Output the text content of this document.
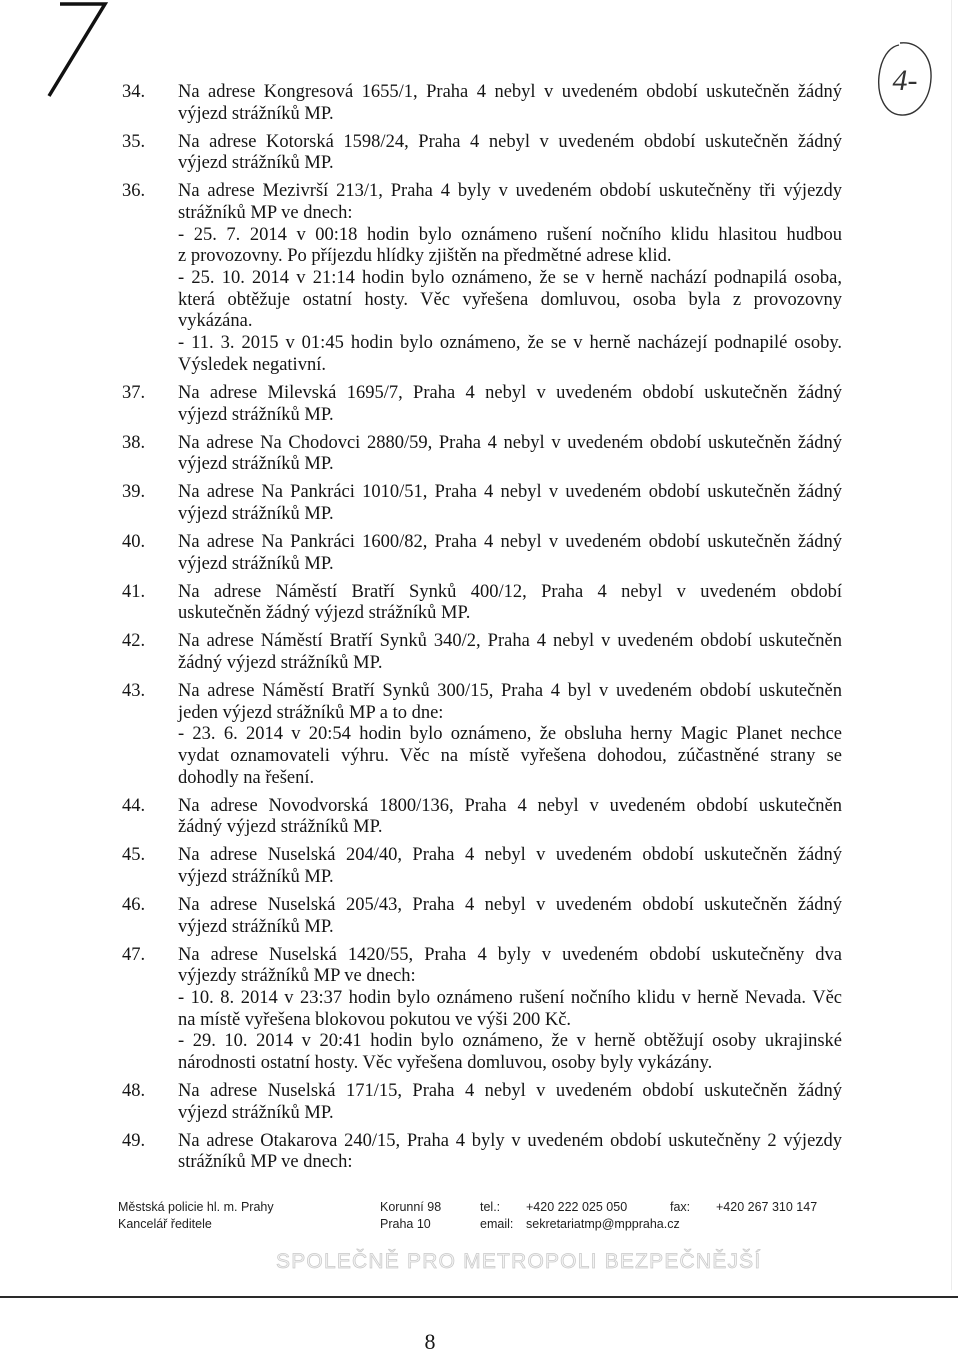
4-
34.	Na adrese Kongresová 1655/1, Praha 4 nebyl v uvedeném období uskutečněn žádný
výjezd strážníků MP.
35.	Na adrese Kotorská 1598/24, Praha 4 nebyl v uvedeném období uskutečněn žádný
výjezd strážníků MP.
36.	Na adrese Mezivrší 213/1, Praha 4 byly v uvedeném období uskutečněny tři výjezdy
strážníků MP ve dnech:
- 25. 7. 2014 v 00:18 hodin bylo oznámeno rušení nočního klidu hlasitou hudbou
z provozovny. Po příjezdu hlídky zjištěn na předmětné adrese klid.
- 25. 10. 2014 v 21:14 hodin bylo oznámeno, že se v herně nachází podnapilá osoba,
která obtěžuje ostatní hosty. Věc vyřešena domluvou, osoba byla z provozovny
vykázána.
- 11. 3. 2015 v 01:45 hodin bylo oznámeno, že se v herně nacházejí podnapilé osoby.
Výsledek negativní.
37.	Na adrese Milevská 1695/7, Praha 4 nebyl v uvedeném období uskutečněn žádný
výjezd strážníků MP.
38.	Na adrese Na Chodovci 2880/59, Praha 4 nebyl v uvedeném období uskutečněn žádný
výjezd strážníků MP.
39.	Na adrese Na Pankráci 1010/51, Praha 4 nebyl v uvedeném období uskutečněn žádný
výjezd strážníků MP.
40.	Na adrese Na Pankráci 1600/82, Praha 4 nebyl v uvedeném období uskutečněn žádný
výjezd strážníků MP.
41.	Na adrese Náměstí Bratří Synků 400/12, Praha 4 nebyl v uvedeném období
uskutečněn žádný výjezd strážníků MP.
42.	Na adrese Náměstí Bratří Synků 340/2, Praha 4 nebyl v uvedeném období uskutečněn
žádný výjezd strážníků MP.
43.	Na adrese Náměstí Bratří Synků 300/15, Praha 4 byl v uvedeném období uskutečněn
jeden výjezd strážníků MP a to dne:
- 23. 6. 2014 v 20:54 hodin bylo oznámeno, že obsluha herny Magic Planet nechce
vydat oznamovateli výhru. Věc na místě vyřešena dohodou, zúčastněné strany se
dohodly na řešení.
44.	Na adrese Novodvorská 1800/136, Praha 4 nebyl v uvedeném období uskutečněn
žádný výjezd strážníků MP.
45.	Na adrese Nuselská 204/40, Praha 4 nebyl v uvedeném období uskutečněn žádný
výjezd strážníků MP.
46.	Na adrese Nuselská 205/43, Praha 4 nebyl v uvedeném období uskutečněn žádný
výjezd strážníků MP.
47.	Na adrese Nuselská 1420/55, Praha 4 byly v uvedeném období uskutečněny dva
výjezdy strážníků MP ve dnech:
- 10. 8. 2014 v 23:37 hodin bylo oznámeno rušení nočního klidu v herně Nevada. Věc
na místě vyřešena blokovou pokutou ve výši 200 Kč.
- 29. 10. 2014 v 20:41 hodin bylo oznámeno, že v herně obtěžují osoby ukrajinské
národnosti ostatní hosty. Věc vyřešena domluvou, osoby byly vykázány.
48.	Na adrese Nuselská 171/15, Praha 4 nebyl v uvedeném období uskutečněn žádný
výjezd strážníků MP.
49.	Na adrese Otakarova 240/15, Praha 4 byly v uvedeném období uskutečněny 2 výjezdy
strážníků MP ve dnech:
Městská policie hl. m. Prahy
Kancelář ředitele
Korunní 98
Praha 10
tel.: +420 222 025 050
email: sekretariatmp@mppraha.cz
fax: +420 267 310 147
SPOLEČNĚ PRO METROPOLI BEZPEČNĚJŠÍ
8
